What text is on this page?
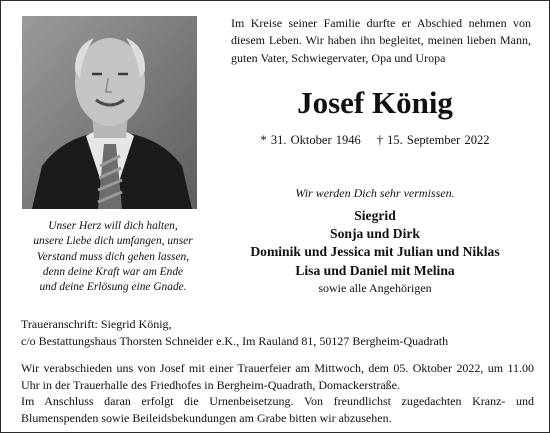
Unser Herz will dich halten,
unsere Liebe dich umfangen, unser
Verstand muss dich gehen lassen,
denn deine Kraft war am Ende
und deine Erlösung eine Gnade.
Im Kreise seiner Familie durfte er Abschied nehmen von diesem Leben. Wir haben ihn begleitet, meinen lieben Mann, guten Vater, Schwiegervater, Opa und Uropa
Josef König
* 31. Oktober 1946 † 15. September 2022
Wir werden Dich sehr vermissen.
Siegrid
Sonja und Dirk
Dominik und Jessica mit Julian und Niklas
Lisa und Daniel mit Melina
sowie alle Angehörigen
Traueranschrift: Siegrid König,
c/o Bestattungshaus Thorsten Schneider e.K., Im Rauland 81, 50127 Bergheim-Quadrath

Wir verabschieden uns von Josef mit einer Trauerfeier am Mittwoch, dem 05. Oktober 2022, um 11.00 Uhr in der Trauerhalle des Friedhofes in Bergheim-Quadrath, Domackerstraße.

Im Anschluss daran erfolgt die Urnenbeisetzung. Von freundlichst zugedachten Kranz- und Blumenspenden sowie Beileidsbekundungen am Grabe bitten wir abzusehen.
